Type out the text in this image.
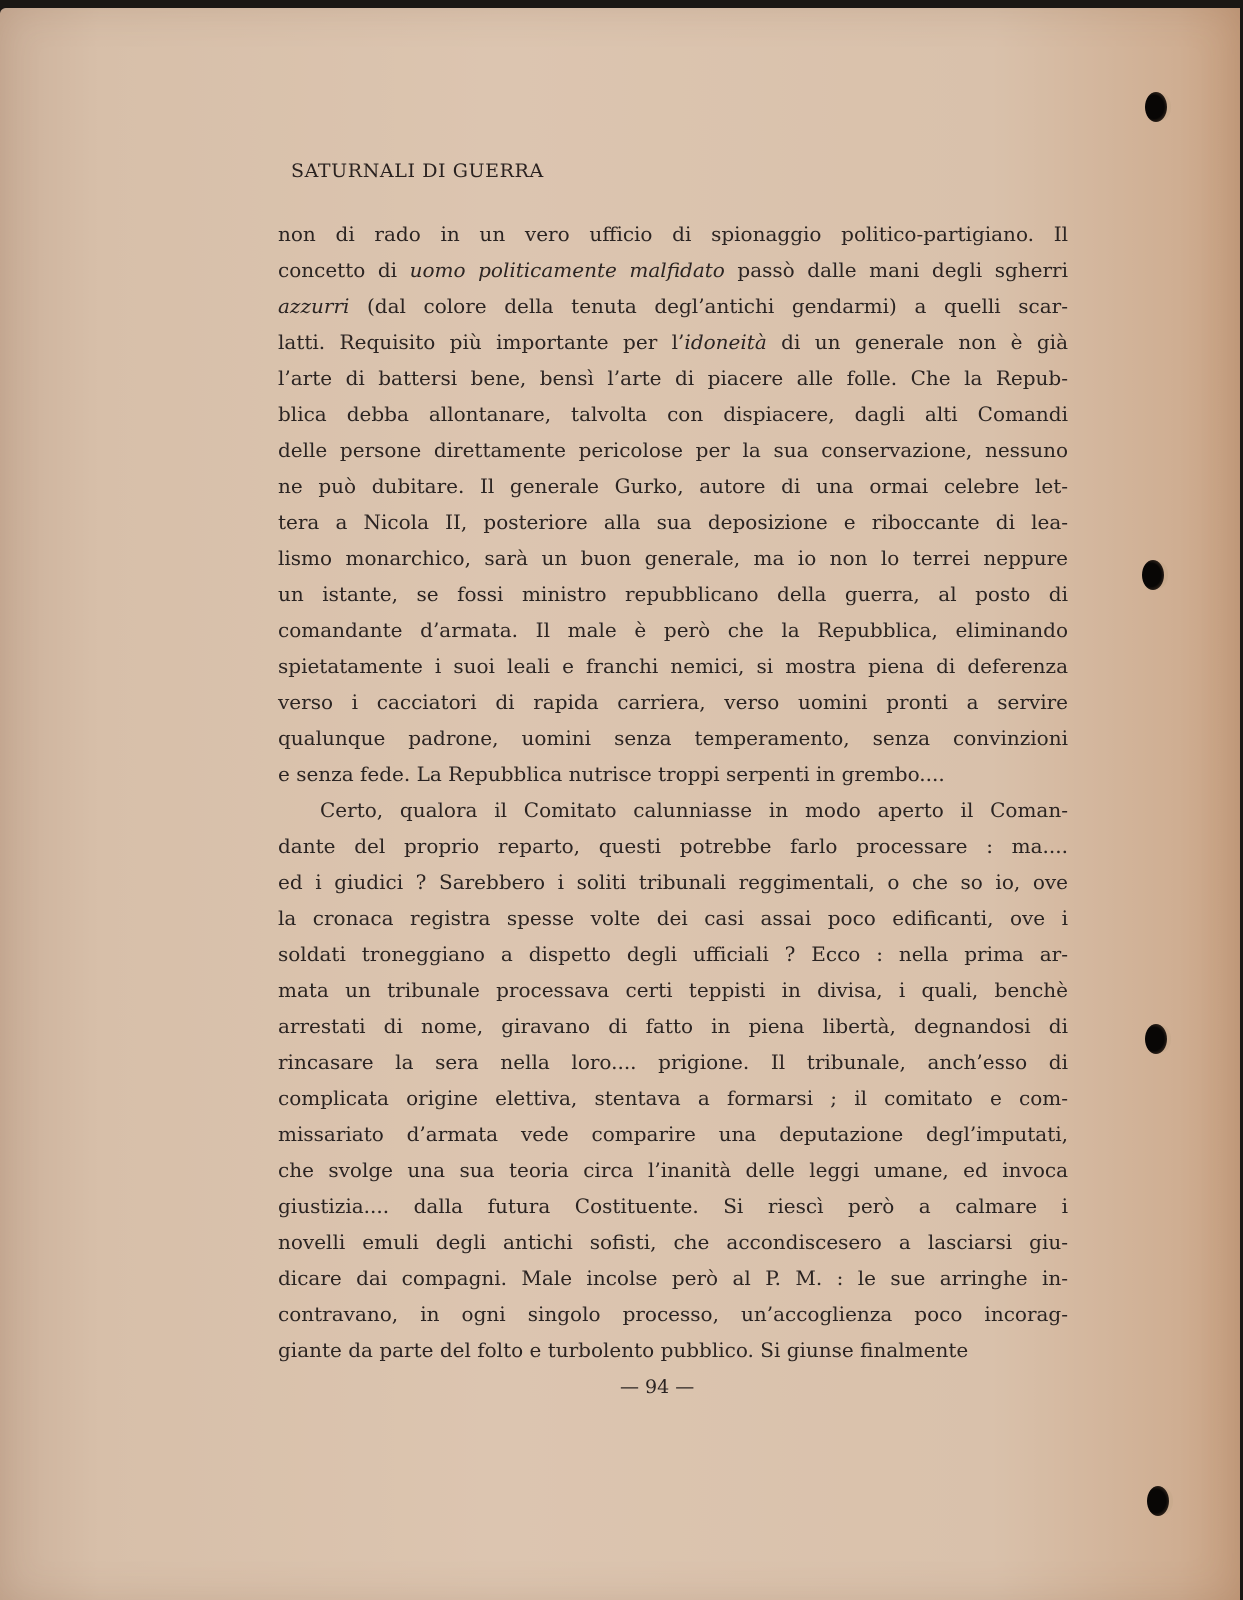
SATURNALI DI GUERRA
non di rado in un vero ufficio di spionaggio politico-partigiano. Il
concetto di uomo politicamente malfidato passò dalle mani degli sgherri
azzurri (dal colore della tenuta degl’antichi gendarmi) a quelli scar-
latti. Requisito più importante per l’idoneità di un generale non è già
l’arte di battersi bene, bensì l’arte di piacere alle folle. Che la Repub-
blica debba allontanare, talvolta con dispiacere, dagli alti Comandi
delle persone direttamente pericolose per la sua conservazione, nessuno
ne può dubitare. Il generale Gurko, autore di una ormai celebre let-
tera a Nicola II, posteriore alla sua deposizione e riboccante di lea-
lismo monarchico, sarà un buon generale, ma io non lo terrei neppure
un istante, se fossi ministro repubblicano della guerra, al posto di
comandante d’armata. Il male è però che la Repubblica, eliminando
spietatamente i suoi leali e franchi nemici, si mostra piena di deferenza
verso i cacciatori di rapida carriera, verso uomini pronti a servire
qualunque padrone, uomini senza temperamento, senza convinzioni
e senza fede. La Repubblica nutrisce troppi serpenti in grembo....
Certo, qualora il Comitato calunniasse in modo aperto il Coman-
dante del proprio reparto, questi potrebbe farlo processare : ma....
ed i giudici ? Sarebbero i soliti tribunali reggimentali, o che so io, ove
la cronaca registra spesse volte dei casi assai poco edificanti, ove i
soldati troneggiano a dispetto degli ufficiali ? Ecco : nella prima ar-
mata un tribunale processava certi teppisti in divisa, i quali, benchè
arrestati di nome, giravano di fatto in piena libertà, degnandosi di
rincasare la sera nella loro.... prigione. Il tribunale, anch’esso di
complicata origine elettiva, stentava a formarsi ; il comitato e com-
missariato d’armata vede comparire una deputazione degl’imputati,
che svolge una sua teoria circa l’inanità delle leggi umane, ed invoca
giustizia.... dalla futura Costituente. Si riescì però a calmare i
novelli emuli degli antichi sofisti, che accondiscesero a lasciarsi giu-
dicare dai compagni. Male incolse però al P. M. : le sue arringhe in-
contravano, in ogni singolo processo, un’accoglienza poco incorag-
giante da parte del folto e turbolento pubblico. Si giunse finalmente
— 94 —
